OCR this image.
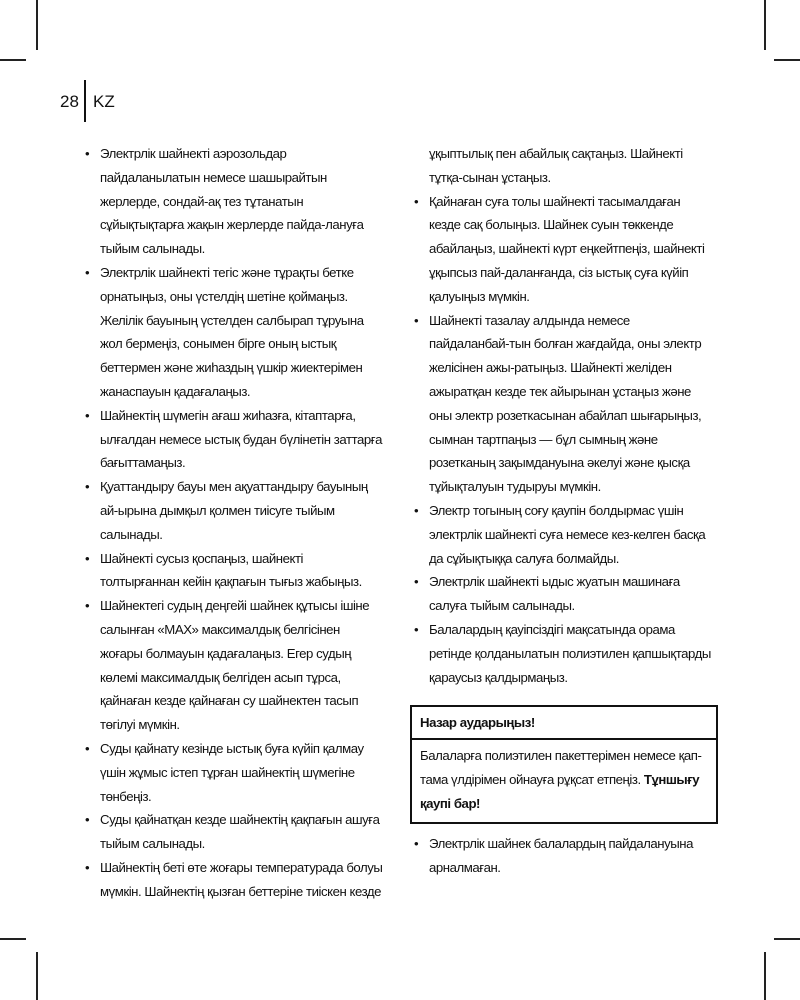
28 KZ
• Электрлік шайнекті аэрозольдар пайдаланылатын немесе шашырайтын жерлерде, сондай-ақ тез тұтанатын сұйықтықтарға жақын жерлерде пайда-лануға тыйым салынады.
• Электрлік шайнекті тегіс және тұрақты бетке орнатыңыз, оны үстелдің шетіне қоймаңыз. Желілік бауының үстелден салбырап тұруына жол бермеңіз, сонымен бірге оның ыстық беттермен және жиһаздың үшкір жиектерімен жанаспауын қадағалаңыз.
• Шайнектің шүмегін ағаш жиһазға, кітаптарға, ылғалдан немесе ыстық будан бүлінетін заттарға бағыттамаңыз.
• Қуаттандыру бауы мен ақуаттандыру бауының ай-ырына дымқыл қолмен тиісуге тыйым салынады.
• Шайнекті сусыз қоспаңыз, шайнекті толтырғаннан кейін қақпағын тығыз жабыңыз.
• Шайнектегі судың деңгейі шайнек құтысы ішіне салынған «MAX» максималдық белгісінен жоғары болмауын қадағалаңыз. Егер судың көлемі максималдық белгіден асып тұрса, қайнаған кезде қайнаған су шайнектен тасып төгілуі мүмкін.
• Суды қайнату кезінде ыстық буға күйіп қалмау үшін жұмыс істеп тұрған шайнектің шүмегіне төнбеңіз.
• Суды қайнатқан кезде шайнектің қақпағын ашуға тыйым салынады.
• Шайнектің беті өте жоғары температурада болуы мүмкін. Шайнектің қызған беттеріне тиіскен кезде
ұқыптылық пен абайлық сақтаңыз. Шайнекті тұтқа-сынан ұстаңыз.
• Қайнаған суға толы шайнекті тасымалдаған кезде сақ болыңыз. Шайнек суын төккенде абайлаңыз, шайнекті күрт еңкейтпеңіз, шайнекті ұқыпсыз пай-даланғанда, сіз ыстық суға күйіп қалуыңыз мүмкін.
• Шайнекті тазалау алдында немесе пайдаланбай-тын болған жағдайда, оны электр желісінен ажы-ратыңыз. Шайнекті желіден ажыратқан кезде тек айырынан ұстаңыз және оны электр розеткасынан абайлап шығарыңыз, сымнан тартпаңыз — бұл сымның және розетканың зақымдануына әкелуі және қысқа тұйықталуын тудыруы мүмкін.
• Электр тогының соғу қаупін болдырмас үшін электрлік шайнекті суға немесе кез-келген басқа да сұйықтыққа салуға болмайды.
• Электрлік шайнекті ыдыс жуатын машинаға салуға тыйым салынады.
• Балалардың қауіпсіздігі мақсатында орама ретінде қолданылатын полиэтилен қапшықтарды қараусыз қалдырмаңыз.
Назар аударыңыз!
Балаларға полиэтилен пакеттерімен немесе қап-тама үлдірімен ойнауға рұқсат етпеңіз. Тұншығу қаупі бар!
• Электрлік шайнек балалардың пайдалануына арналмаған.
